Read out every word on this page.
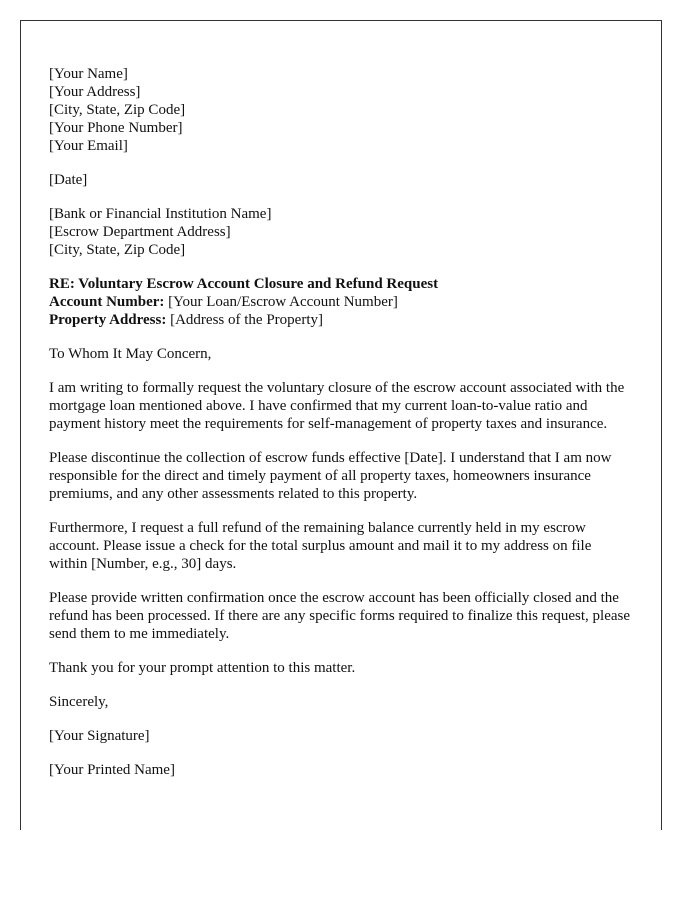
[Your Name]
[Your Address]
[City, State, Zip Code]
[Your Phone Number]
[Your Email]

[Date]

[Bank or Financial Institution Name]
[Escrow Department Address]
[City, State, Zip Code]

RE: Voluntary Escrow Account Closure and Refund Request
Account Number: [Your Loan/Escrow Account Number]
Property Address: [Address of the Property]

To Whom It May Concern,

I am writing to formally request the voluntary closure of the escrow account associated with the mortgage loan mentioned above. I have confirmed that my current loan-to-value ratio and payment history meet the requirements for self-management of property taxes and insurance.

Please discontinue the collection of escrow funds effective [Date]. I understand that I am now responsible for the direct and timely payment of all property taxes, homeowners insurance premiums, and any other assessments related to this property.

Furthermore, I request a full refund of the remaining balance currently held in my escrow account. Please issue a check for the total surplus amount and mail it to my address on file within [Number, e.g., 30] days.

Please provide written confirmation once the escrow account has been officially closed and the refund has been processed. If there are any specific forms required to finalize this request, please send them to me immediately.

Thank you for your prompt attention to this matter.

Sincerely,

[Your Signature]

[Your Printed Name]
